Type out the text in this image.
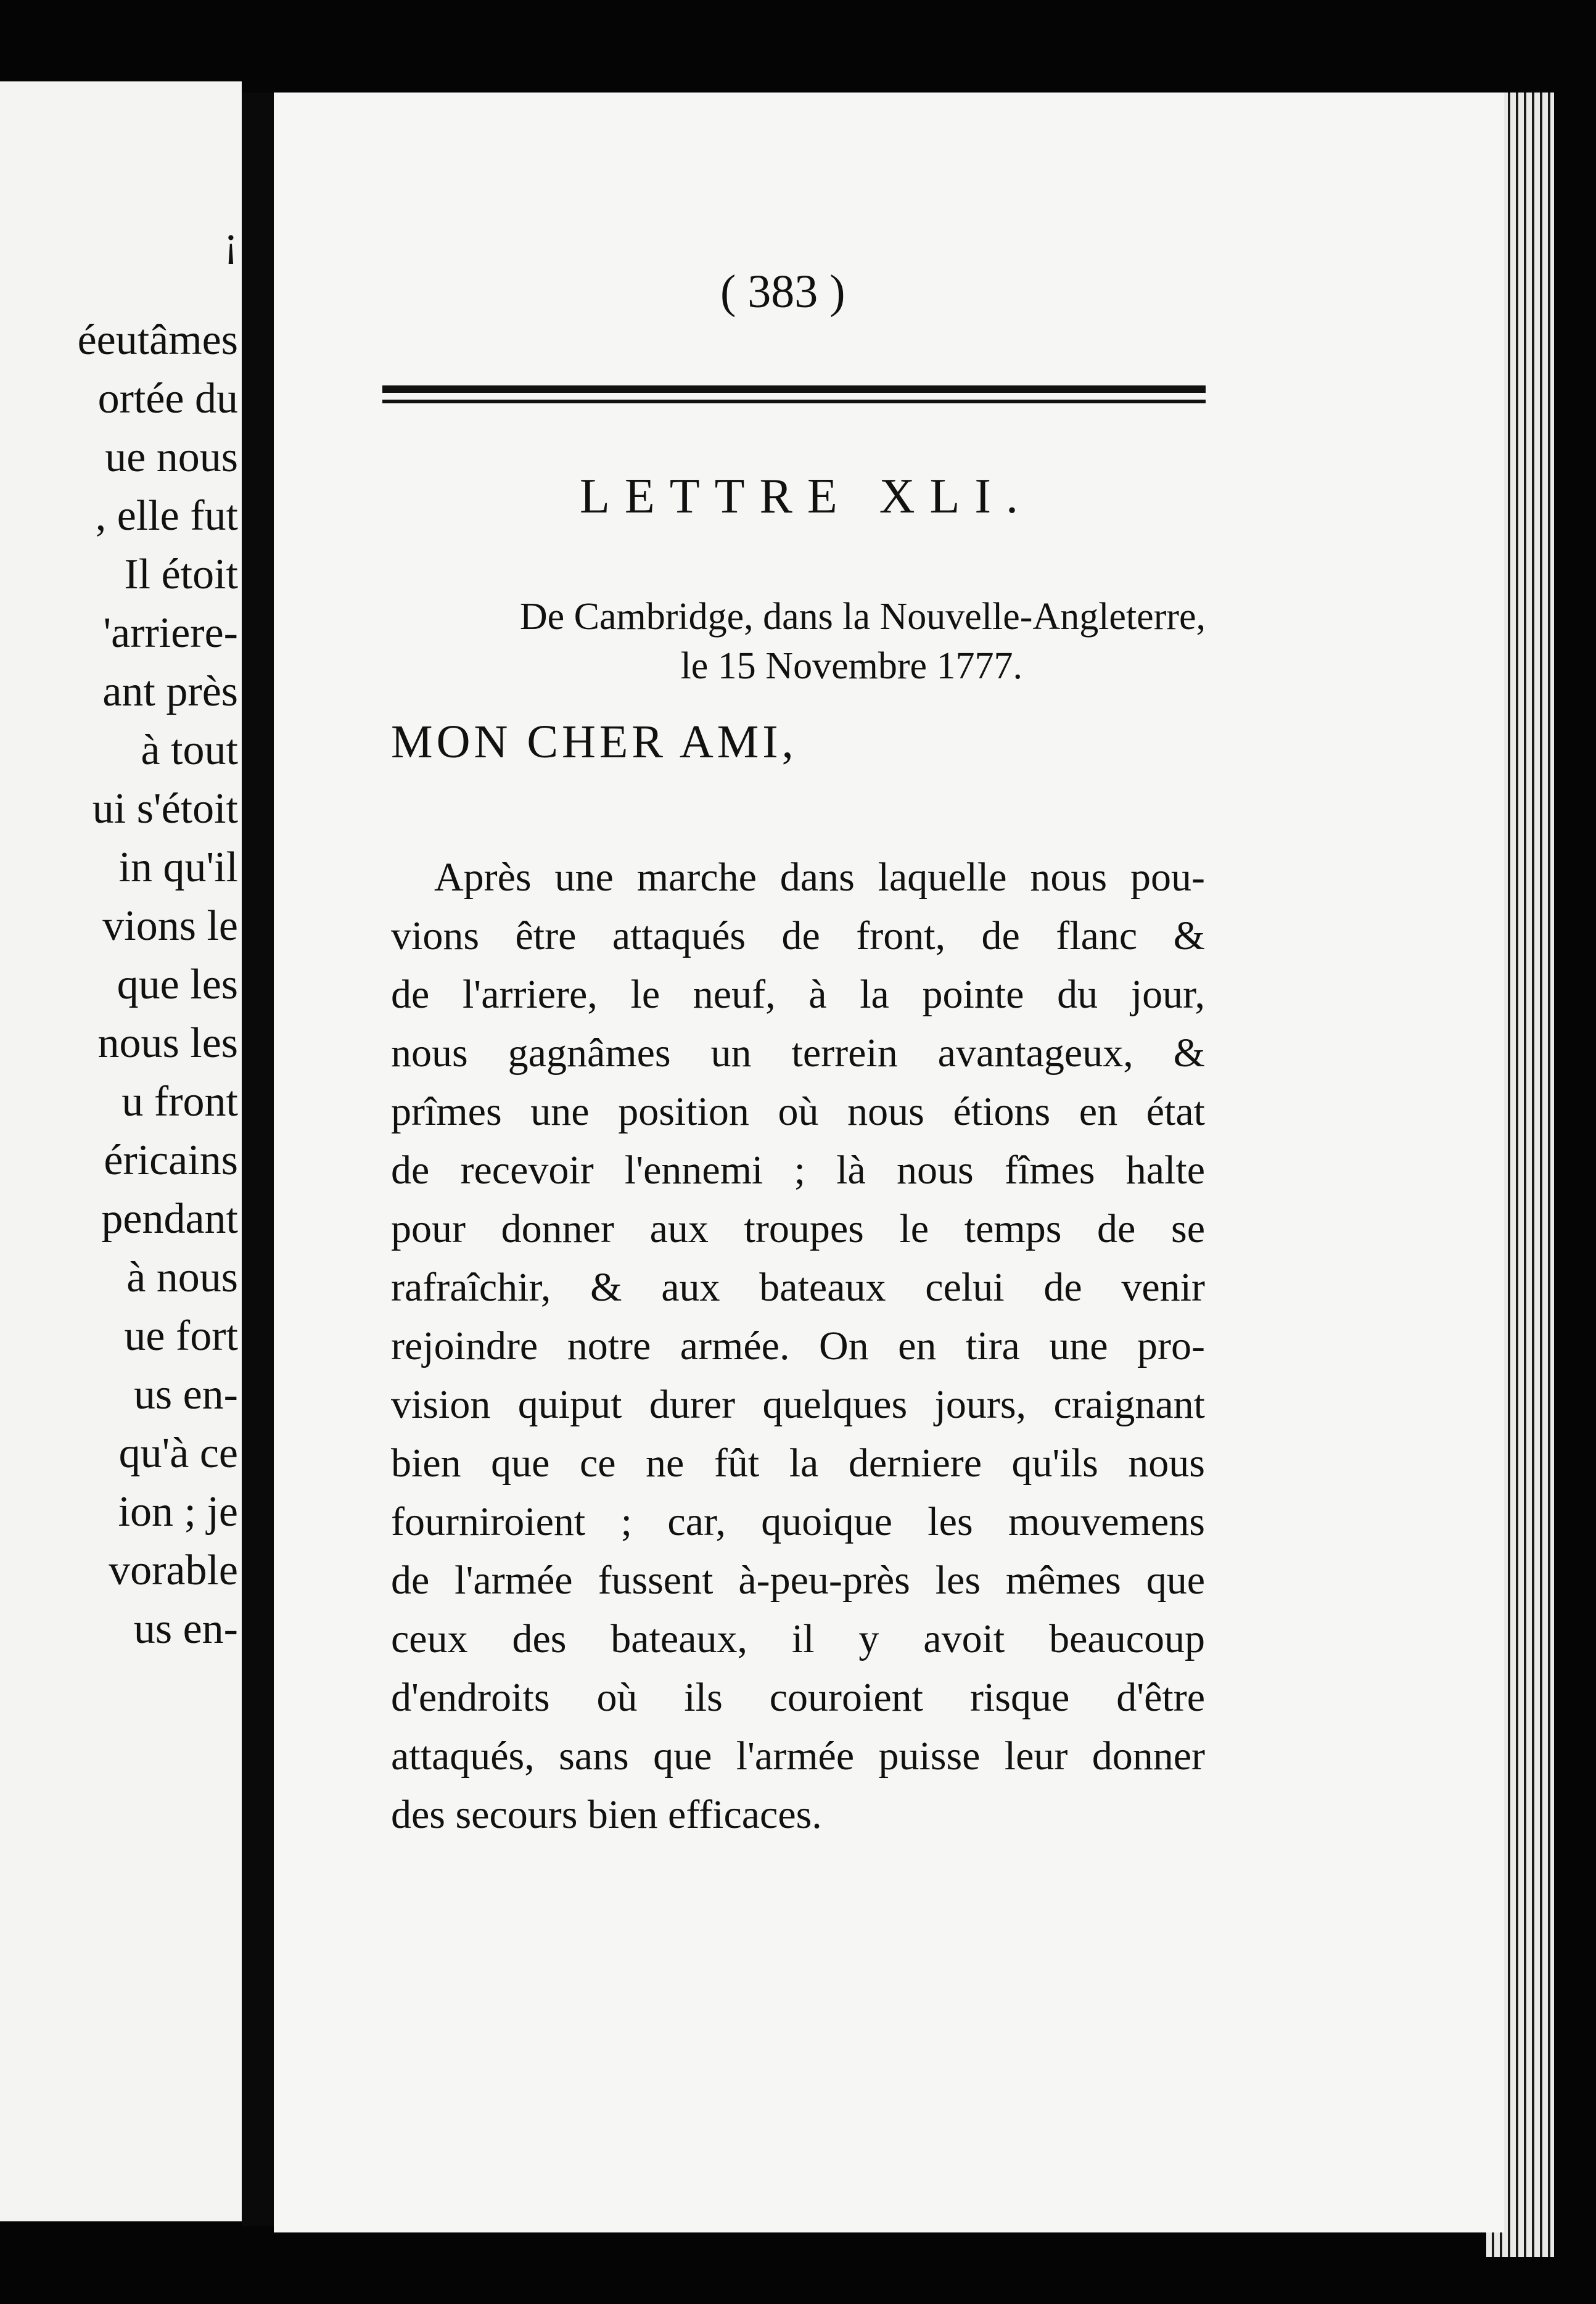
¡
éeutâmes
ortée du
ue nous
, elle fut
Il étoit
'arriere-
ant près
à tout
ui s'étoit
in qu'il
vions le
que les
nous les
u front
éricains
pendant
à nous
ue fort
us en-
qu'à ce
ion ; je
vorable
us en-
( 383 )
LETTRE XLI.
De Cambridge, dans la Nouvelle-Angleterre,
le 15 Novembre 1777.
MON CHER AMI,
Après une marche dans laquelle nous pou-
vions être attaqués de front, de flanc &
de l'arriere, le neuf, à la pointe du jour,
nous gagnâmes un terrein avantageux, &
prîmes une position où nous étions en état
de recevoir l'ennemi ; là nous fîmes halte
pour donner aux troupes le temps de se
rafraîchir, & aux bateaux celui de venir
rejoindre notre armée. On en tira une pro-
vision quiput durer quelques jours, craignant
bien que ce ne fût la derniere qu'ils nous
fourniroient ; car, quoique les mouvemens
de l'armée fussent à-peu-près les mêmes que
ceux des bateaux, il y avoit beaucoup
d'endroits où ils couroient risque d'être
attaqués, sans que l'armée puisse leur donner
des secours bien efficaces.
